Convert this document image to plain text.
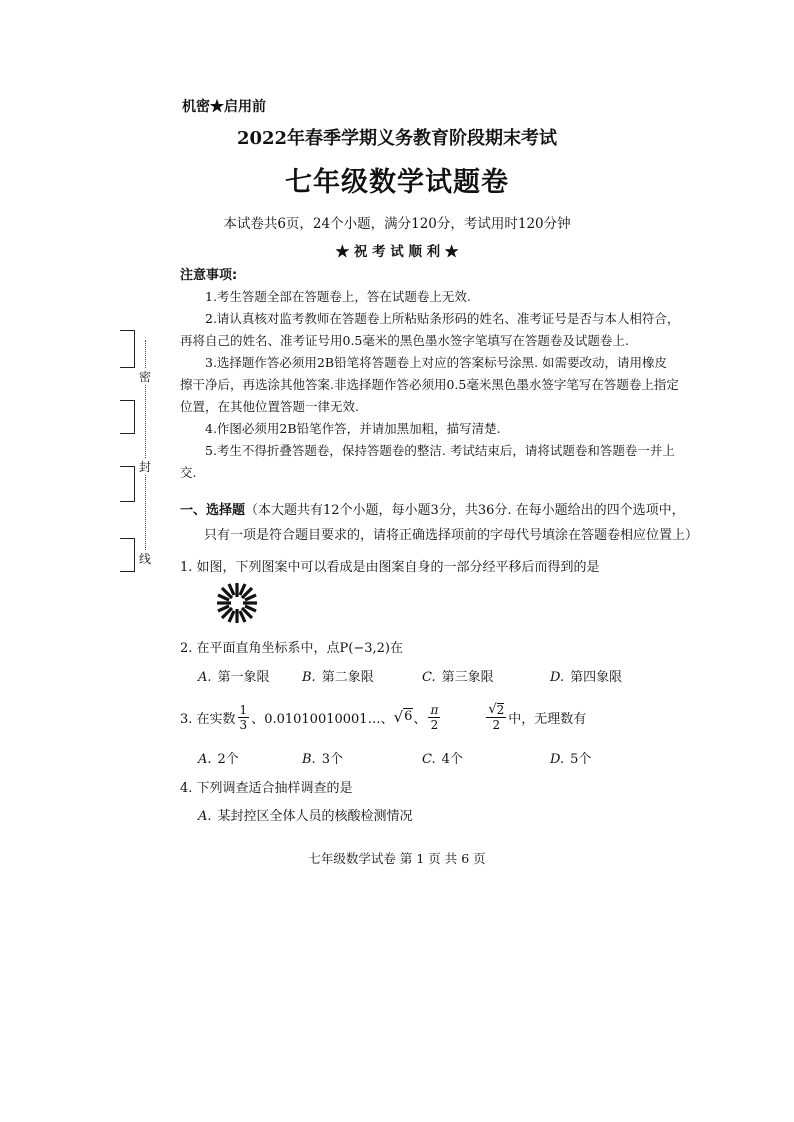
机密★启用前
2022年春季学期义务教育阶段期末考试
七年级数学试题卷
本试卷共6页，24个小题，满分120分，考试用时120分钟
★ 祝 考 试 顺 利 ★
注意事项:
1.考生答题全部在答题卷上，答在试题卷上无效.
2.请认真核对监考教师在答题卷上所粘贴条形码的姓名、准考证号是否与本人相符合，
再将自己的姓名、准考证号用0.5毫米的黑色墨水签字笔填写在答题卷及试题卷上.
3.选择题作答必须用2B铅笔将答题卷上对应的答案标号涂黑. 如需要改动，请用橡皮
擦干净后，再选涂其他答案.非选择题作答必须用0.5毫米黑色墨水签字笔写在答题卷上指定
位置，在其他位置答题一律无效.
4.作图必须用2B铅笔作答，并请加黑加粗，描写清楚.
5.考生不得折叠答题卷，保持答题卷的整洁. 考试结束后，请将试题卷和答题卷一并上
交.
密
封
线
一、选择题（本大题共有12个小题，每小题3分，共36分. 在每小题给出的四个选项中，
只有一项是符合题目要求的，请将正确选择项前的字母代号填涂在答题卷相应位置上）
1. 如图，下列图案中可以看成是由图案自身的一部分经平移后而得到的是
2. 在平面直角坐标系中，点P(−3,2)在
A. 第一象限 B. 第二象限	C. 第三象限	D. 第四象限
3. 在实数 $\frac{1}{3}$ 、0.01010010001…、 √ 6 、 $\frac{\pi}{2}$	$\frac{√ 2}{2}$ 中，无理数有
A. 2个	B. 3个	C. 4个	D. 5个
4. 下列调查适合抽样调查的是
A. 某封控区全体人员的核酸检测情况
七年级数学试卷 第 1 页 共 6 页
